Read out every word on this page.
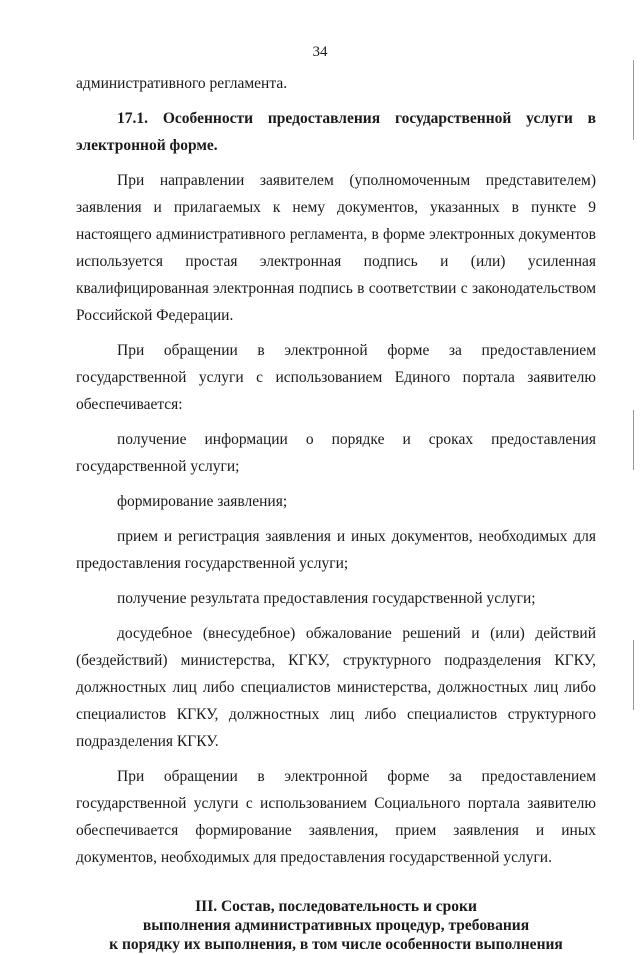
34

административного регламента.

17.1. Особенности предоставления государственной услуги в электронной форме.

При направлении заявителем (уполномоченным представителем) заявления и прилагаемых к нему документов, указанных в пункте 9 настоящего административного регламента, в форме электронных документов используется простая электронная подпись и (или) усиленная квалифицированная электронная подпись в соответствии с законодательством Российской Федерации.

При обращении в электронной форме за предоставлением государственной услуги с использованием Единого портала заявителю обеспечивается:

получение информации о порядке и сроках предоставления государственной услуги;

формирование заявления;

прием и регистрация заявления и иных документов, необходимых для предоставления государственной услуги;

получение результата предоставления государственной услуги;

досудебное (внесудебное) обжалование решений и (или) действий (бездействий) министерства, КГКУ, структурного подразделения КГКУ, должностных лиц либо специалистов министерства, должностных лиц либо специалистов КГКУ, должностных лиц либо специалистов структурного подразделения КГКУ.

При обращении в электронной форме за предоставлением государственной услуги с использованием Социального портала заявителю обеспечивается формирование заявления, прием заявления и иных документов, необходимых для предоставления государственной услуги.

III. Состав, последовательность и сроки
выполнения административных процедур, требования
к порядку их выполнения, в том числе особенности выполнения
